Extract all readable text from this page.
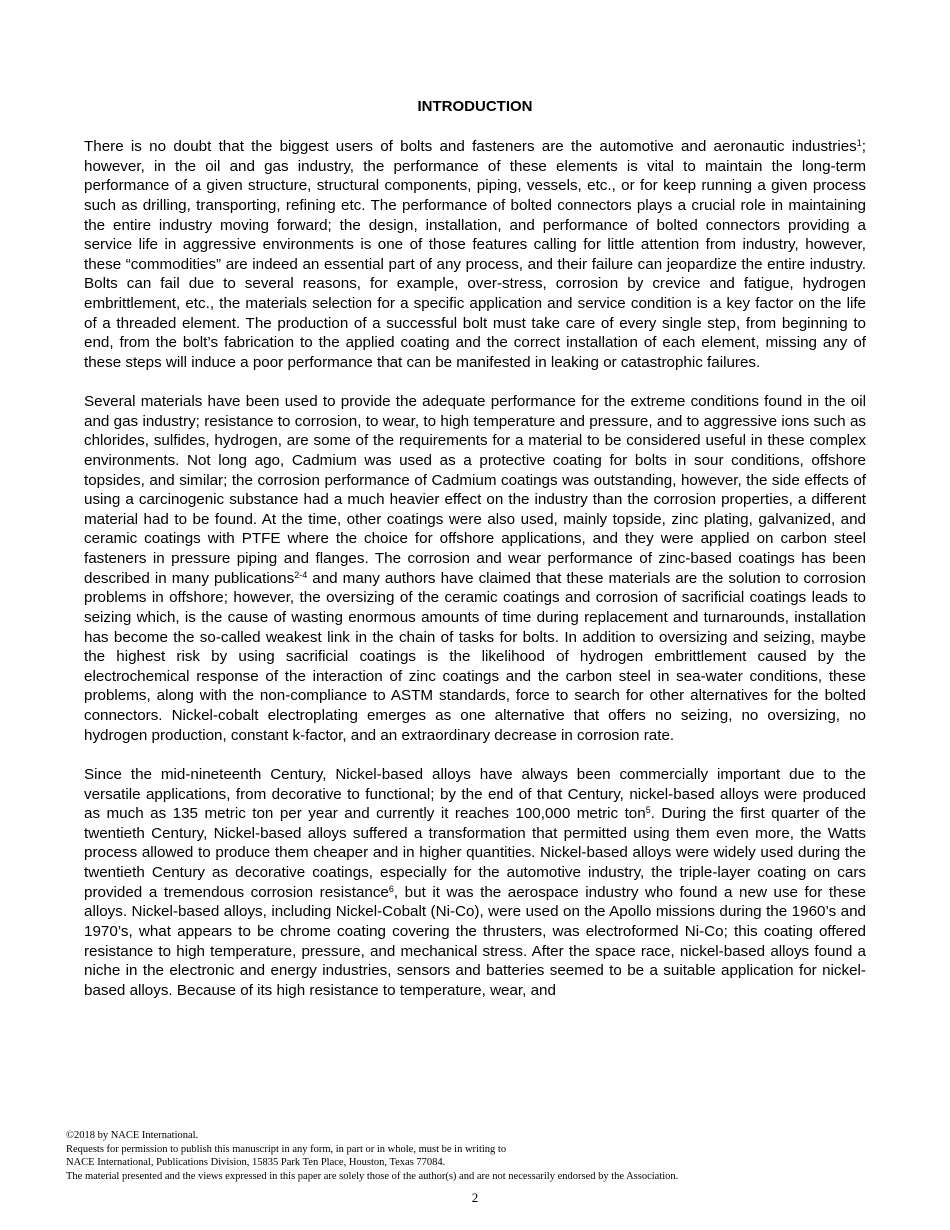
INTRODUCTION

There is no doubt that the biggest users of bolts and fasteners are the automotive and aeronautic industries$^1$; however, in the oil and gas industry, the performance of these elements is vital to maintain the long-term performance of a given structure, structural components, piping, vessels, etc., or for keep running a given process such as drilling, transporting, refining etc. The performance of bolted connectors plays a crucial role in maintaining the entire industry moving forward; the design, installation, and performance of bolted connectors providing a service life in aggressive environments is one of those features calling for little attention from industry, however, these “commodities” are indeed an essential part of any process, and their failure can jeopardize the entire industry. Bolts can fail due to several reasons, for example, over-stress, corrosion by crevice and fatigue, hydrogen embrittlement, etc., the materials selection for a specific application and service condition is a key factor on the life of a threaded element. The production of a successful bolt must take care of every single step, from beginning to end, from the bolt’s fabrication to the applied coating and the correct installation of each element, missing any of these steps will induce a poor performance that can be manifested in leaking or catastrophic failures.

Several materials have been used to provide the adequate performance for the extreme conditions found in the oil and gas industry; resistance to corrosion, to wear, to high temperature and pressure, and to aggressive ions such as chlorides, sulfides, hydrogen, are some of the requirements for a material to be considered useful in these complex environments. Not long ago, Cadmium was used as a protective coating for bolts in sour conditions, offshore topsides, and similar; the corrosion performance of Cadmium coatings was outstanding, however, the side effects of using a carcinogenic substance had a much heavier effect on the industry than the corrosion properties, a different material had to be found. At the time, other coatings were also used, mainly topside, zinc plating, galvanized, and ceramic coatings with PTFE where the choice for offshore applications, and they were applied on carbon steel fasteners in pressure piping and flanges. The corrosion and wear performance of zinc-based coatings has been described in many publications$^{2-4}$ and many authors have claimed that these materials are the solution to corrosion problems in offshore; however, the oversizing of the ceramic coatings and corrosion of sacrificial coatings leads to seizing which, is the cause of wasting enormous amounts of time during replacement and turnarounds, installation has become the so-called weakest link in the chain of tasks for bolts. In addition to oversizing and seizing, maybe the highest risk by using sacrificial coatings is the likelihood of hydrogen embrittlement caused by the electrochemical response of the interaction of zinc coatings and the carbon steel in sea-water conditions, these problems, along with the non-compliance to ASTM standards, force to search for other alternatives for the bolted connectors. Nickel-cobalt electroplating emerges as one alternative that offers no seizing, no oversizing, no hydrogen production, constant k-factor, and an extraordinary decrease in corrosion rate.

Since the mid-nineteenth Century, Nickel-based alloys have always been commercially important due to the versatile applications, from decorative to functional; by the end of that Century, nickel-based alloys were produced as much as 135 metric ton per year and currently it reaches 100,000 metric ton$^5$. During the first quarter of the twentieth Century, Nickel-based alloys suffered a transformation that permitted using them even more, the Watts process allowed to produce them cheaper and in higher quantities. Nickel-based alloys were widely used during the twentieth Century as decorative coatings, especially for the automotive industry, the triple-layer coating on cars provided a tremendous corrosion resistance$^6$, but it was the aerospace industry who found a new use for these alloys. Nickel-based alloys, including Nickel-Cobalt (Ni-Co), were used on the Apollo missions during the 1960’s and 1970’s, what appears to be chrome coating covering the thrusters, was electroformed Ni-Co; this coating offered resistance to high temperature, pressure, and mechanical stress. After the space race, nickel-based alloys found a niche in the electronic and energy industries, sensors and batteries seemed to be a suitable application for nickel-based alloys. Because of its high resistance to temperature, wear, and

©2018 by NACE International.
Requests for permission to publish this manuscript in any form, in part or in whole, must be in writing to
NACE International, Publications Division, 15835 Park Ten Place, Houston, Texas 77084.
The material presented and the views expressed in this paper are solely those of the author(s) and are not necessarily endorsed by the Association.
2
